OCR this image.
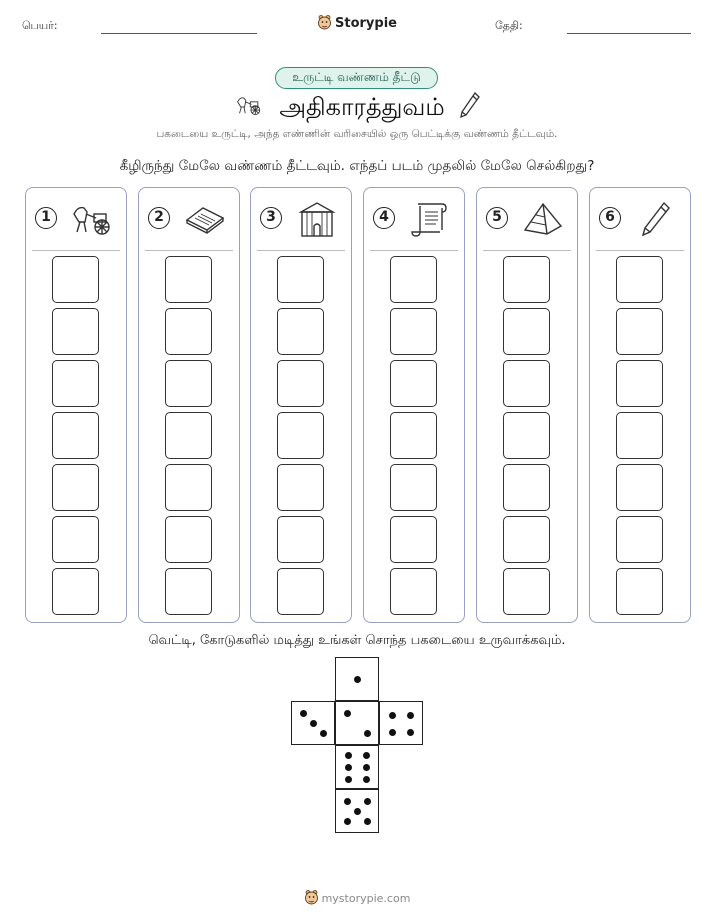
பெயர்:	Storypie	தேதி:
உருட்டி வண்ணம் தீட்டு
அதிகாரத்துவம்
பகடையை உருட்டி, அந்த எண்ணின் வரிசையில் ஒரு பெட்டிக்கு வண்ணம் தீட்டவும்.
கீழிருந்து மேலே வண்ணம் தீட்டவும். எந்தப் படம் முதலில் மேலே செல்கிறது?
1	2	3	4	5	6
வெட்டி, கோடுகளில் மடித்து உங்கள் சொந்த பகடையை உருவாக்கவும்.
mystorypie.com
